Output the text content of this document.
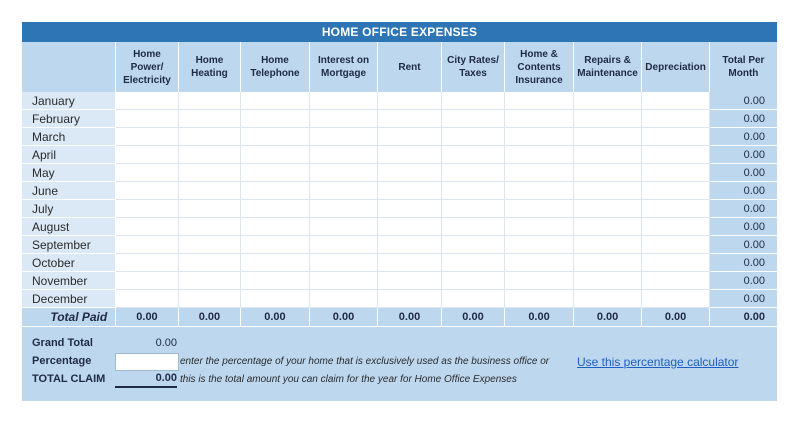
HOME OFFICE EXPENSES
	Home Power/ Electricity	Home Heating	Home Telephone	Interest on Mortgage	Rent	City Rates/ Taxes	Home & Contents Insurance	Repairs & Maintenance	Depreciation	Total Per Month
January										0.00
February										0.00
March										0.00
April										0.00
May										0.00
June										0.00
July										0.00
August										0.00
September										0.00
October										0.00
November										0.00
December										0.00
Total Paid	0.00	0.00	0.00	0.00	0.00	0.00	0.00	0.00	0.00	0.00
Grand Total	0.00
Percentage	enter the percentage of your home that is exclusively used as the business office or Use this percentage calculator
TOTAL CLAIM	0.00 this is the total amount you can claim for the year for Home Office Expenses
